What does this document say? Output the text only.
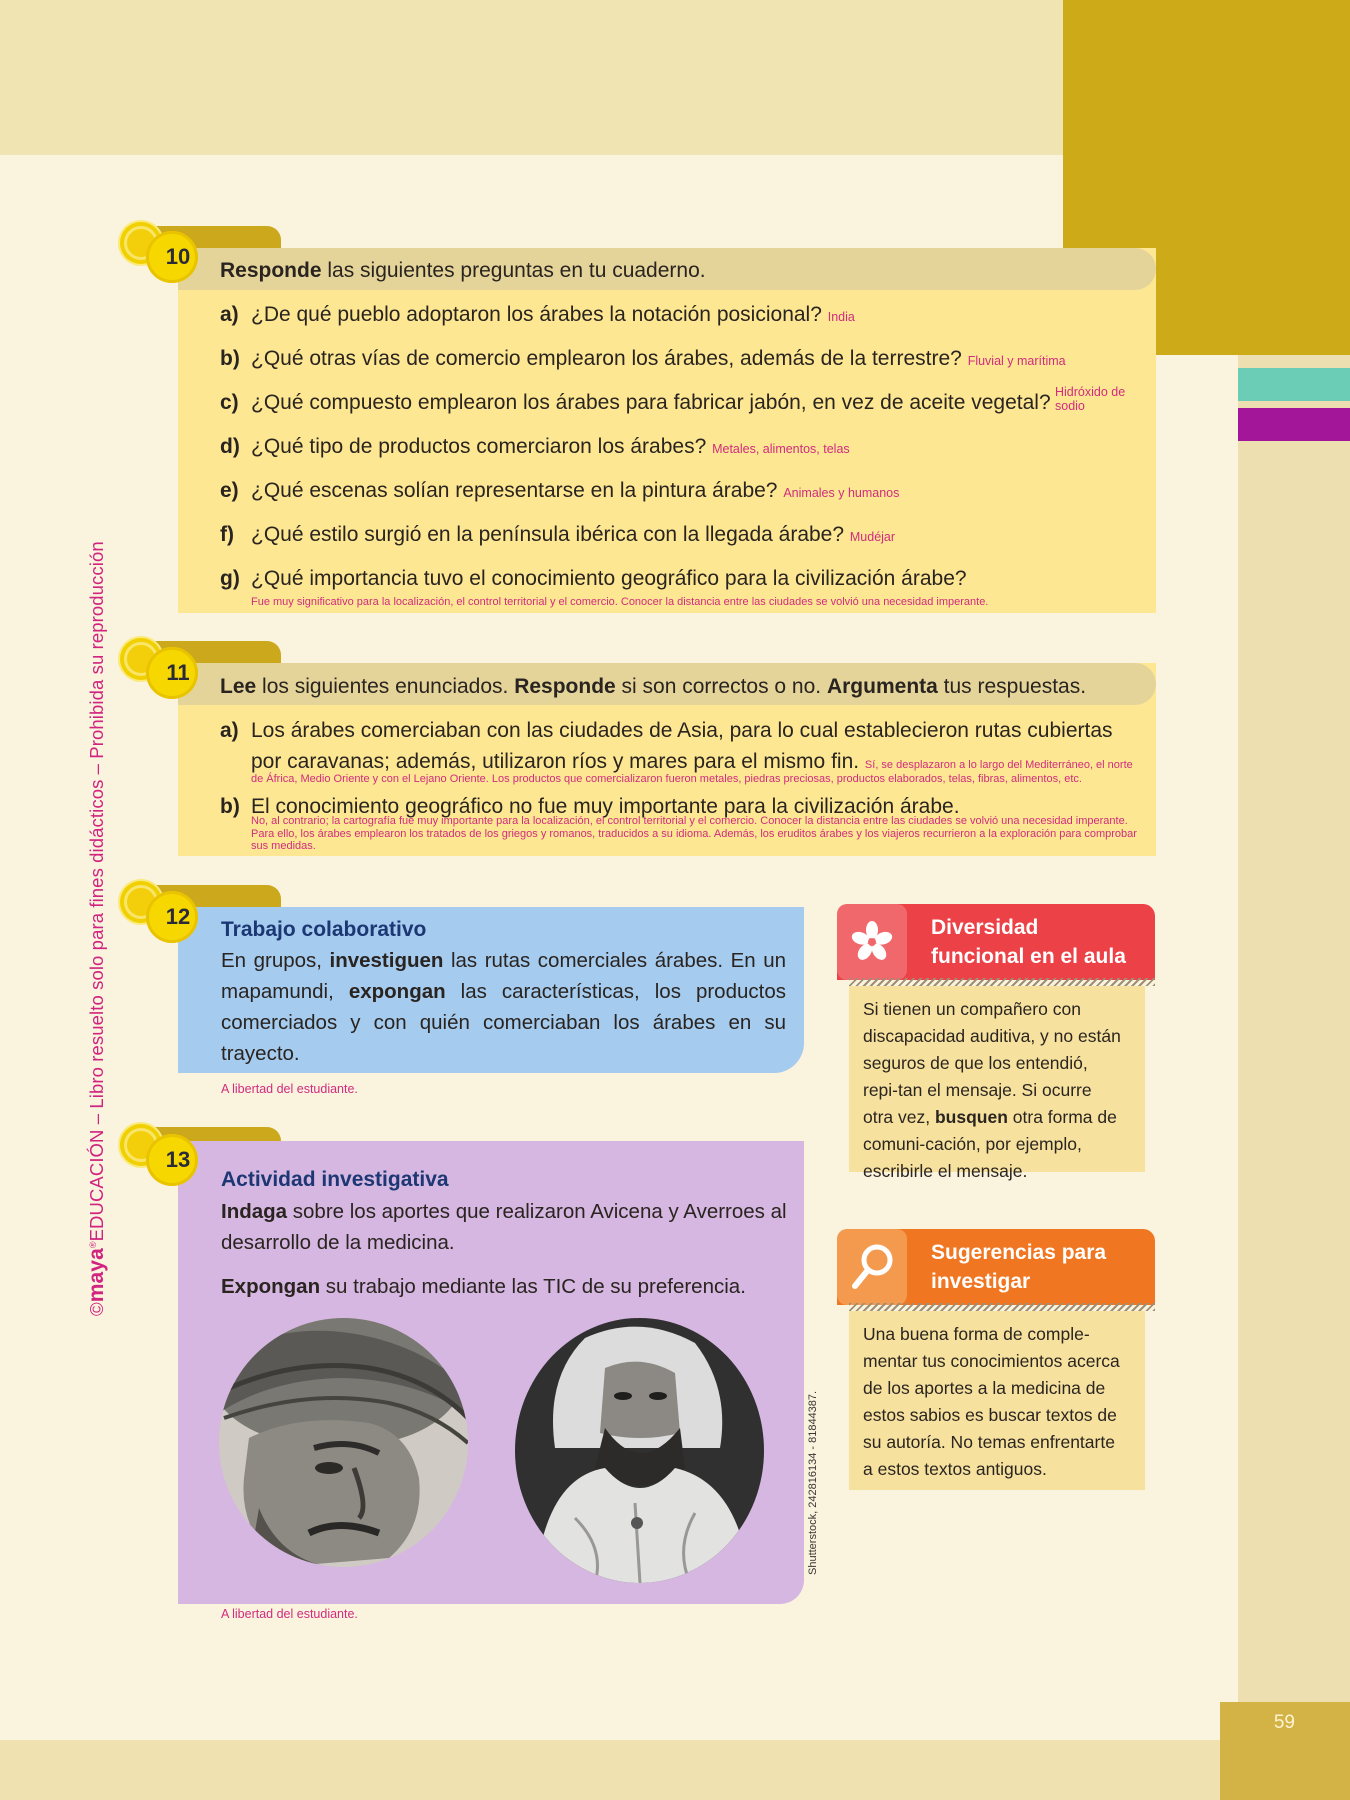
59
©maya®EDUCACIÓN – Libro resuelto solo para fines didácticos – Prohibida su reproducción
10
Responde las siguientes preguntas en tu cuaderno.
a) ¿De qué pueblo adoptaron los árabes la notación posicional? India
b) ¿Qué otras vías de comercio emplearon los árabes, además de la terrestre? Fluvial y marítima
c) ¿Qué compuesto emplearon los árabes para fabricar jabón, en vez de aceite vegetal? Hidróxido de sodio
d) ¿Qué tipo de productos comerciaron los árabes? Metales, alimentos, telas
e) ¿Qué escenas solían representarse en la pintura árabe? Animales y humanos
f) ¿Qué estilo surgió en la península ibérica con la llegada árabe? Mudéjar
g) ¿Qué importancia tuvo el conocimiento geográfico para la civilización árabe?
Fue muy significativo para la localización, el control territorial y el comercio. Conocer la distancia entre las ciudades se volvió una necesidad imperante.
11
Lee los siguientes enunciados. Responde si son correctos o no. Argumenta tus respuestas.
a) Los árabes comerciaban con las ciudades de Asia, para lo cual establecieron rutas cubiertas
por caravanas; además, utilizaron ríos y mares para el mismo fin. Sí, se desplazaron a lo largo del Mediterráneo, el norte
de África, Medio Oriente y con el Lejano Oriente. Los productos que comercializaron fueron metales, piedras preciosas, productos elaborados, telas, fibras, alimentos, etc.
b) El conocimiento geográfico no fue muy importante para la civilización árabe.
No, al contrario; la cartografía fue muy importante para la localización, el control territorial y el comercio. Conocer la distancia entre las ciudades se volvió una necesidad imperante. Para ello, los árabes emplearon los tratados de los griegos y romanos, traducidos a su idioma. Además, los eruditos árabes y los viajeros recurrieron a la exploración para comprobar sus medidas.
12
Trabajo colaborativo
En grupos, investiguen las rutas comerciales árabes. En un mapamundi, expongan las características, los productos comerciados y con quién comerciaban los árabes en su trayecto.
A libertad del estudiante.
13
Actividad investigativa
Indaga sobre los aportes que realizaron Avicena y Averroes al desarrollo de la medicina.
Expongan su trabajo mediante las TIC de su preferencia.
Shutterstock, 242816134 - 81844387.
A libertad del estudiante.
Diversidad
funcional en el aula
Si tienen un compañero con discapacidad auditiva, y no están seguros de que los entendió, repi-tan el mensaje. Si ocurre otra vez, busquen otra forma de comuni-cación, por ejemplo, escribirle el mensaje.
Sugerencias para
investigar
Una buena forma de comple-mentar tus conocimientos acerca de los aportes a la medicina de estos sabios es buscar textos de su autoría. No temas enfrentarte a estos textos antiguos.
